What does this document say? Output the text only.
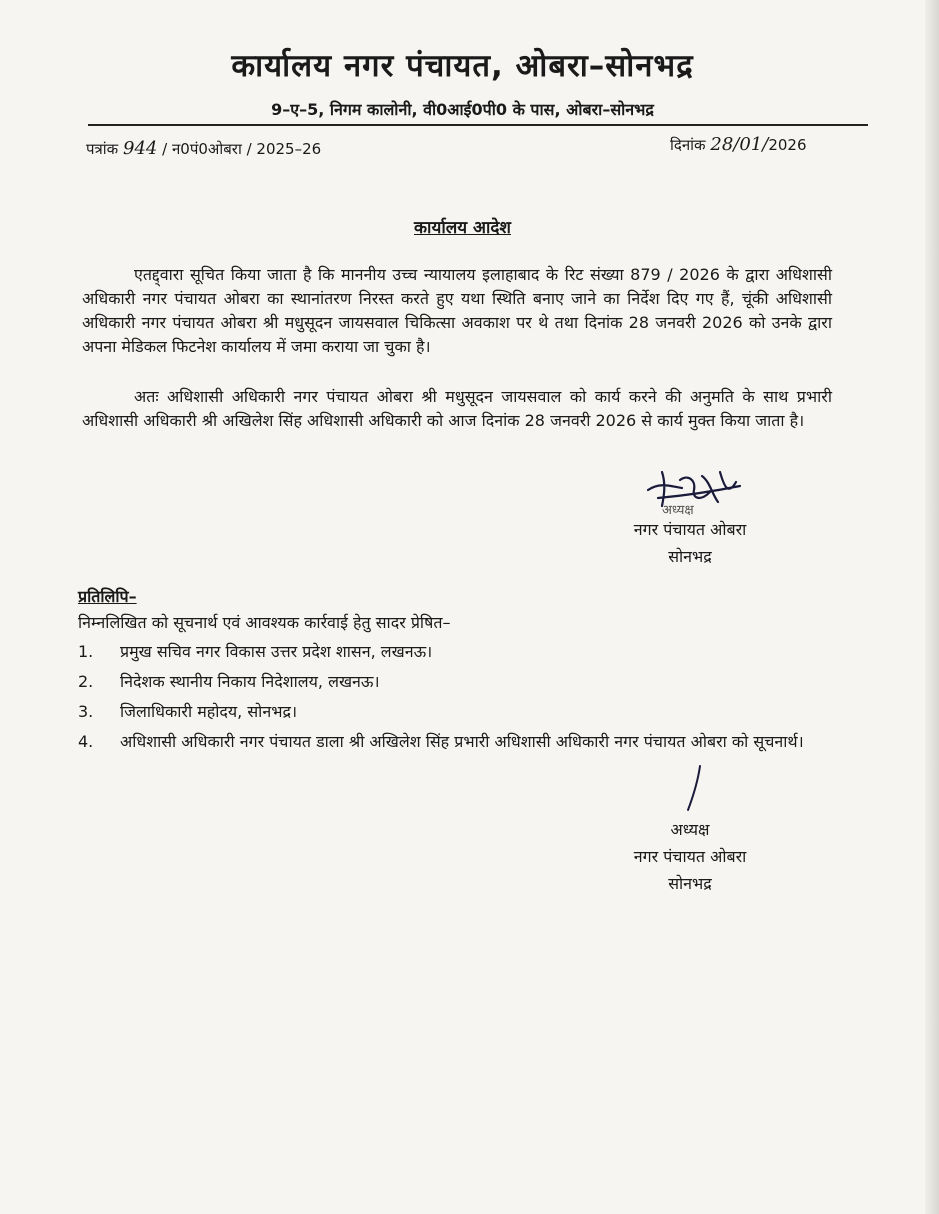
कार्यालय नगर पंचायत, ओबरा–सोनभद्र
9–ए–5, निगम कालोनी, वी0आई0पी0 के पास, ओबरा–सोनभद्र
पत्रांक 944 / न0पं0ओबरा / 2025–26	दिनांक 28/01/2026
कार्यालय आदेश
एतद्द्वारा सूचित किया जाता है कि माननीय उच्च न्यायालय इलाहाबाद के रिट संख्या 879 / 2026 के द्वारा अधिशासी अधिकारी नगर पंचायत ओबरा का स्थानांतरण निरस्त करते हुए यथा स्थिति बनाए जाने का निर्देश दिए गए हैं, चूंकी अधिशासी अधिकारी नगर पंचायत ओबरा श्री मधुसूदन जायसवाल चिकित्सा अवकाश पर थे तथा दिनांक 28 जनवरी 2026 को उनके द्वारा अपना मेडिकल फिटनेश कार्यालय में जमा कराया जा चुका है।
अतः अधिशासी अधिकारी नगर पंचायत ओबरा श्री मधुसूदन जायसवाल को कार्य करने की अनुमति के साथ प्रभारी अधिशासी अधिकारी श्री अखिलेश सिंह अधिशासी अधिकारी को आज दिनांक 28 जनवरी 2026 से कार्य मुक्त किया जाता है।
नगर पंचायत ओबरा
सोनभद्र
अध्यक्ष
प्रतिलिपि–
निम्नलिखित को सूचनार्थ एवं आवश्यक कार्रवाई हेतु सादर प्रेषित–
1.	प्रमुख सचिव नगर विकास उत्तर प्रदेश शासन, लखनऊ।
2.	निदेशक स्थानीय निकाय निदेशालय, लखनऊ।
3.	जिलाधिकारी महोदय, सोनभद्र।
4.	अधिशासी अधिकारी नगर पंचायत डाला श्री अखिलेश सिंह प्रभारी अधिशासी अधिकारी नगर पंचायत ओबरा को सूचनार्थ।
अध्यक्ष
नगर पंचायत ओबरा
सोनभद्र
